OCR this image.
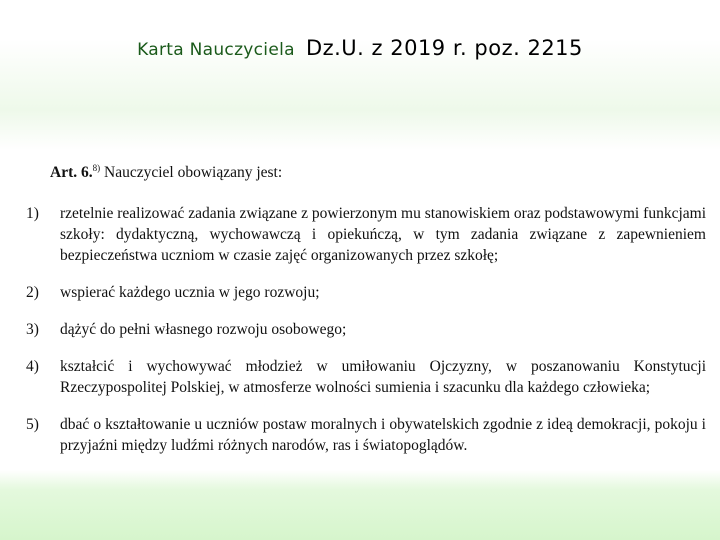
Karta Nauczyciela Dz.U. z 2019 r. poz. 2215
Art. 6.$^{8)}$ Nauczyciel obowiązany jest:
1)	rzetelnie realizować zadania związane z powierzonym mu stanowiskiem oraz podstawowymi funkcjami szkoły: dydaktyczną, wychowawczą i opiekuńczą, w tym zadania związane z zapewnieniem bezpieczeństwa uczniom w czasie zajęć organizowanych przez szkołę;
2)	wspierać każdego ucznia w jego rozwoju;
3)	dążyć do pełni własnego rozwoju osobowego;
4)	kształcić i wychowywać młodzież w umiłowaniu Ojczyzny, w poszanowaniu Konstytucji Rzeczypospolitej Polskiej, w atmosferze wolności sumienia i szacunku dla każdego człowieka;
5)	dbać o kształtowanie u uczniów postaw moralnych i obywatelskich zgodnie z ideą demokracji, pokoju i przyjaźni między ludźmi różnych narodów, ras i światopoglądów.
